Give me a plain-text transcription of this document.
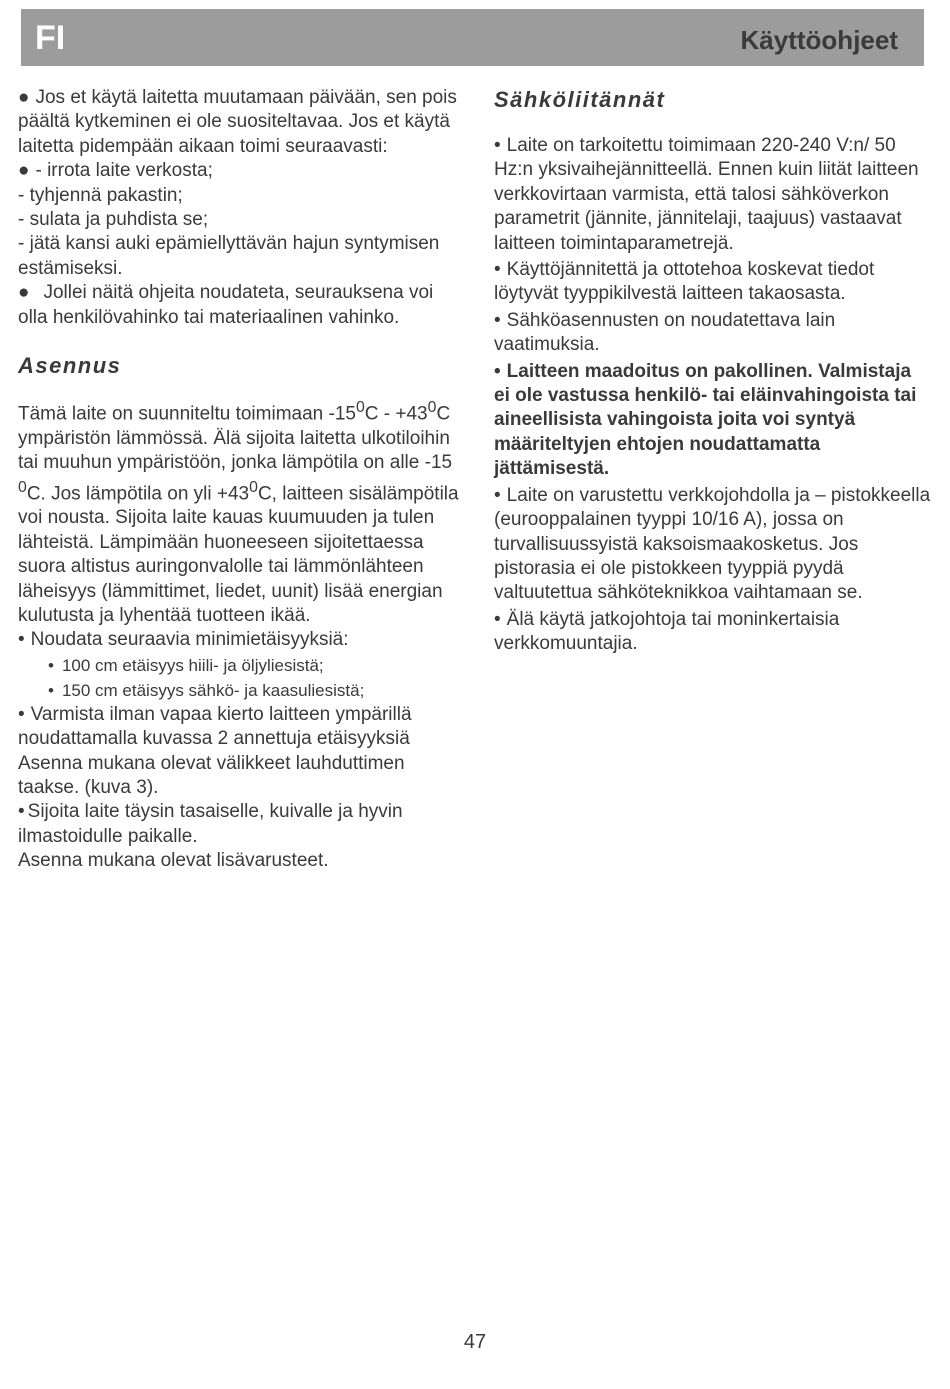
FI	Käyttöohjeet

● Jos et käytä laitetta muutamaan päivään, sen pois päältä kytkeminen ei ole suositeltavaa. Jos et käytä laitetta pidempään aikaan toimi seuraavasti:

● - irrota laite verkosta;

- tyhjennä pakastin;

- sulata ja puhdista se;

- jätä kansi auki epämiellyttävän hajun syntymisen estämiseksi.

● Jollei näitä ohjeita noudateta, seurauksena voi olla henkilövahinko tai materiaalinen vahinko.

Asennus

Tämä laite on suunniteltu toimimaan $-15^0C - +43^0C$ ympäristön lämmössä. Älä sijoita laitetta ulkotiloihin tai muuhun ympäristöön, jonka lämpötila on alle -15 $^0$C. Jos lämpötila on yli $+43^0C$, laitteen sisälämpötila voi nousta. Sijoita laite kauas kuumuuden ja tulen lähteistä. Lämpimään huoneeseen sijoitettaessa suora altistus auringonvalolle tai lämmönlähteen läheisyys (lämmittimet, liedet, uunit) lisää energian kulutusta ja lyhentää tuotteen ikää.

• Noudata seuraavia minimietäisyyksiä:

• 100 cm etäisyys hiili- ja öljyliesistä;

• 150 cm etäisyys sähkö- ja kaasuliesistä;

• Varmista ilman vapaa kierto laitteen ympärillä noudattamalla kuvassa 2 annettuja etäisyyksiä

Asenna mukana olevat välikkeet lauhduttimen taakse. (kuva 3).

• Sijoita laite täysin tasaiselle, kuivalle ja hyvin ilmastoidulle paikalle.

Asenna mukana olevat lisävarusteet.

Sähköliitännät

• Laite on tarkoitettu toimimaan 220-240 V:n/ 50 Hz:n yksivaihejännitteellä. Ennen kuin liität laitteen verkkovirtaan varmista, että talosi sähköverkon parametrit (jännite, jännitelaji, taajuus) vastaavat laitteen toimintaparametrejä.

• Käyttöjännitettä ja ottotehoa koskevat tiedot löytyvät tyyppikilvestä laitteen takaosasta.

• Sähköasennusten on noudatettava lain vaatimuksia.

• Laitteen maadoitus on pakollinen. Valmistaja ei ole vastussa henkilö- tai eläinvahingoista tai aineellisista vahingoista joita voi syntyä määriteltyjen ehtojen noudattamatta jättämisestä.

• Laite on varustettu verkkojohdolla ja – pistokkeella (eurooppalainen tyyppi 10/16 A), jossa on turvallisuussyistä kaksoismaakosketus. Jos pistorasia ei ole pistokkeen tyyppiä pyydä valtuutettua sähköteknikkoa vaihtamaan se.

• Älä käytä jatkojohtoja tai moninkertaisia verkkomuuntajia.

47
